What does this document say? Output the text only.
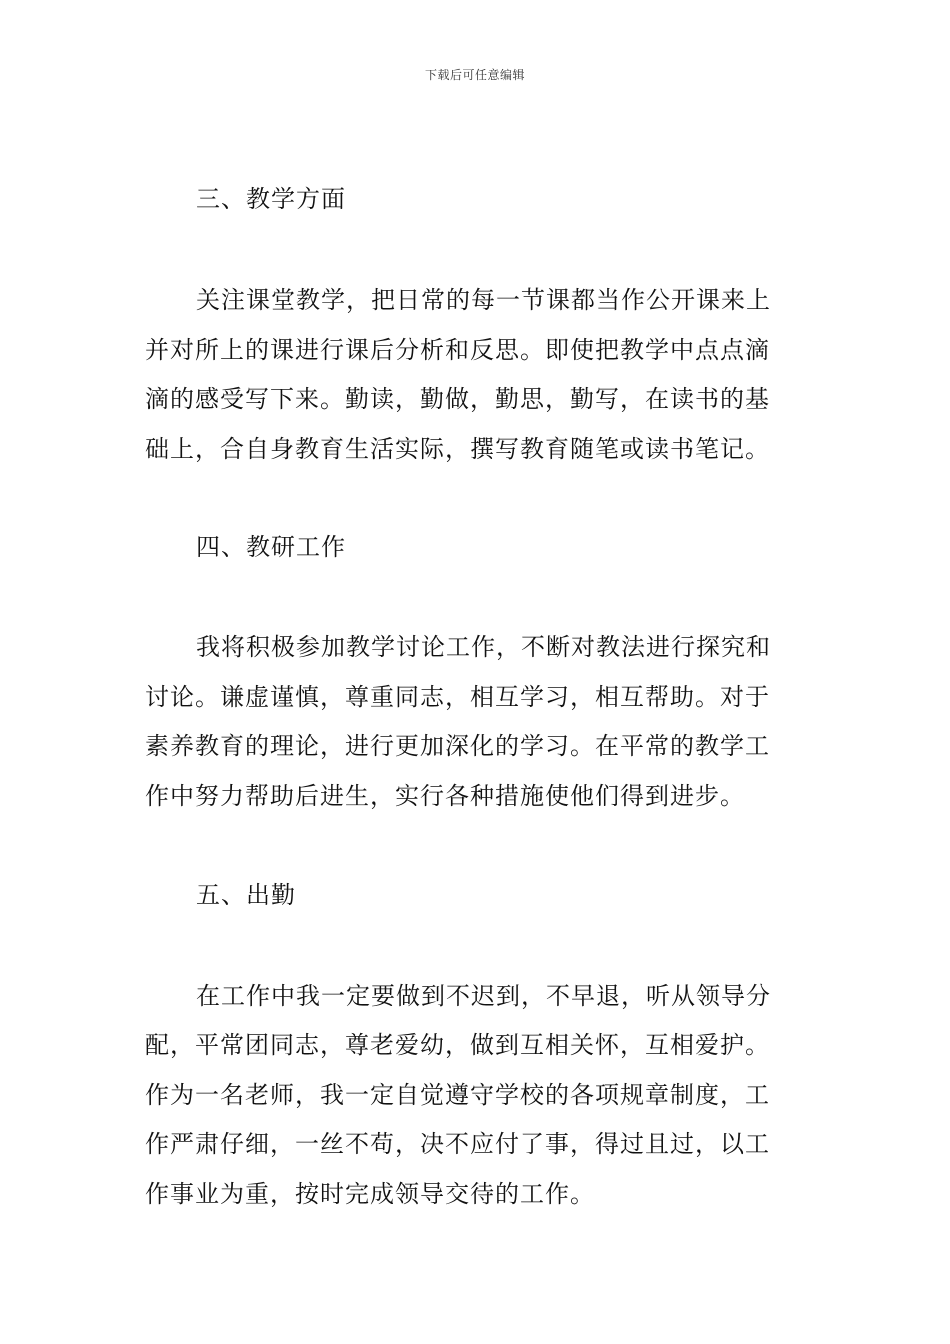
下载后可任意编辑
三、教学方面
关注课堂教学，把日常的每一节课都当作公开课来上
并对所上的课进行课后分析和反思。即使把教学中点点滴
滴的感受写下来。勤读，勤做，勤思，勤写，在读书的基
础上，合自身教育生活实际，撰写教育随笔或读书笔记。
四、教研工作
我将积极参加教学讨论工作，不断对教法进行探究和
讨论。谦虚谨慎，尊重同志，相互学习，相互帮助。对于
素养教育的理论，进行更加深化的学习。在平常的教学工
作中努力帮助后进生，实行各种措施使他们得到进步。
五、出勤
在工作中我一定要做到不迟到，不早退，听从领导分
配，平常团同志，尊老爱幼，做到互相关怀，互相爱护。
作为一名老师，我一定自觉遵守学校的各项规章制度，工
作严肃仔细，一丝不苟，决不应付了事，得过且过，以工
作事业为重，按时完成领导交待的工作。
